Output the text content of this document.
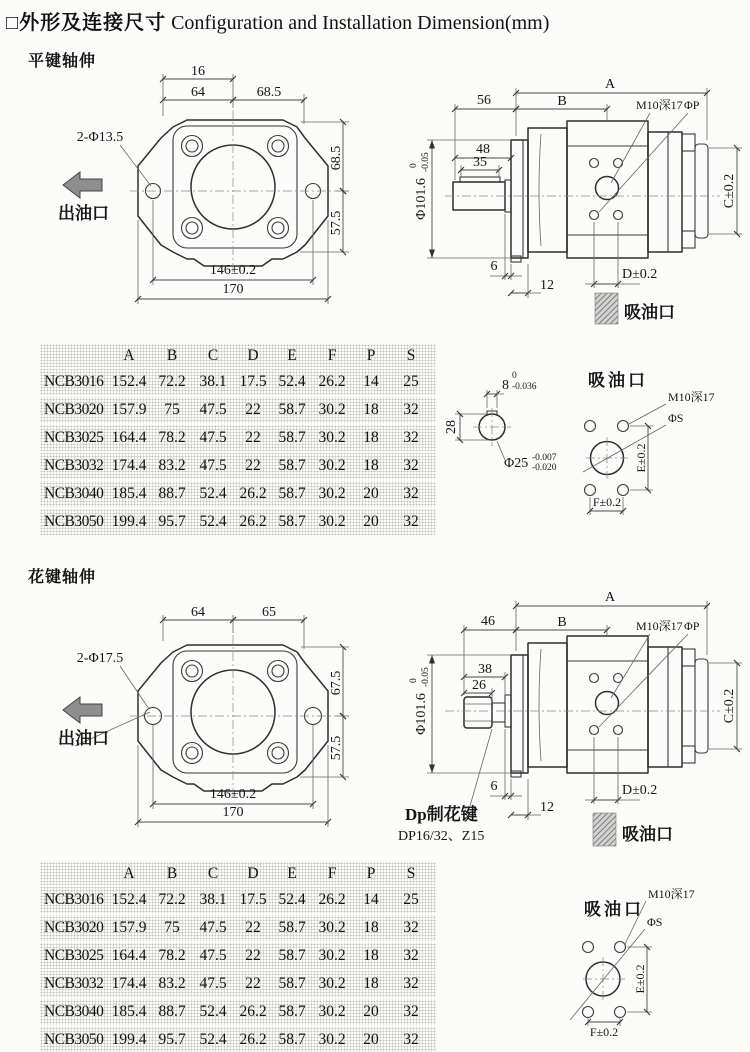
□外形及连接尺寸 Configuration and Installation Dimension(mm)
平键轴伸
花键轴伸
16
64	68.5
68.5
57.5
146±0.2
170
2-Φ13.5
出油口
A
B
56	M10深17 ΦP
48
35
Φ101.6
0 -0.05
C±0.2
6
12
D±0.2
吸油口
8
0
-0.036
28
Φ25 -0.007
-0.020
吸油口
M10深17
ΦS
E±0.2
F±0.2
64	65
67.5
57.5
146±0.2
170
2-Φ17.5
出油口
A
B
46	M10深17 ΦP
38
26
Φ101.6
0 -0.05
C±0.2
6
12
D±0.2
吸油口
Dp制花键
DP16/32、Z15
吸油口
M10深17
ΦS
E±0.2
F±0.2
A	B	C	D	E	F	P	S
NCB3016 152.4 72.2 38.1 17.5 52.4 26.2	14	25
NCB3020 157.9	75	47.5	22	58.7 30.2	18	32
NCB3025 164.4 78.2 47.5	22	58.7 30.2	18	32
NCB3032 174.4 83.2 47.5	22	58.7 30.2	18	32
NCB3040 185.4 88.7 52.4 26.2 58.7 30.2	20	32
NCB3050 199.4 95.7 52.4 26.2 58.7 30.2	20	32
A	B	C	D	E	F	P	S
NCB3016 152.4 72.2 38.1 17.5 52.4 26.2	14	25
NCB3020 157.9	75	47.5	22	58.7 30.2	18	32
NCB3025 164.4 78.2 47.5	22	58.7 30.2	18	32
NCB3032 174.4 83.2 47.5	22	58.7 30.2	18	32
NCB3040 185.4 88.7 52.4 26.2 58.7 30.2	20	32
NCB3050 199.4 95.7 52.4 26.2 58.7 30.2	20	32
